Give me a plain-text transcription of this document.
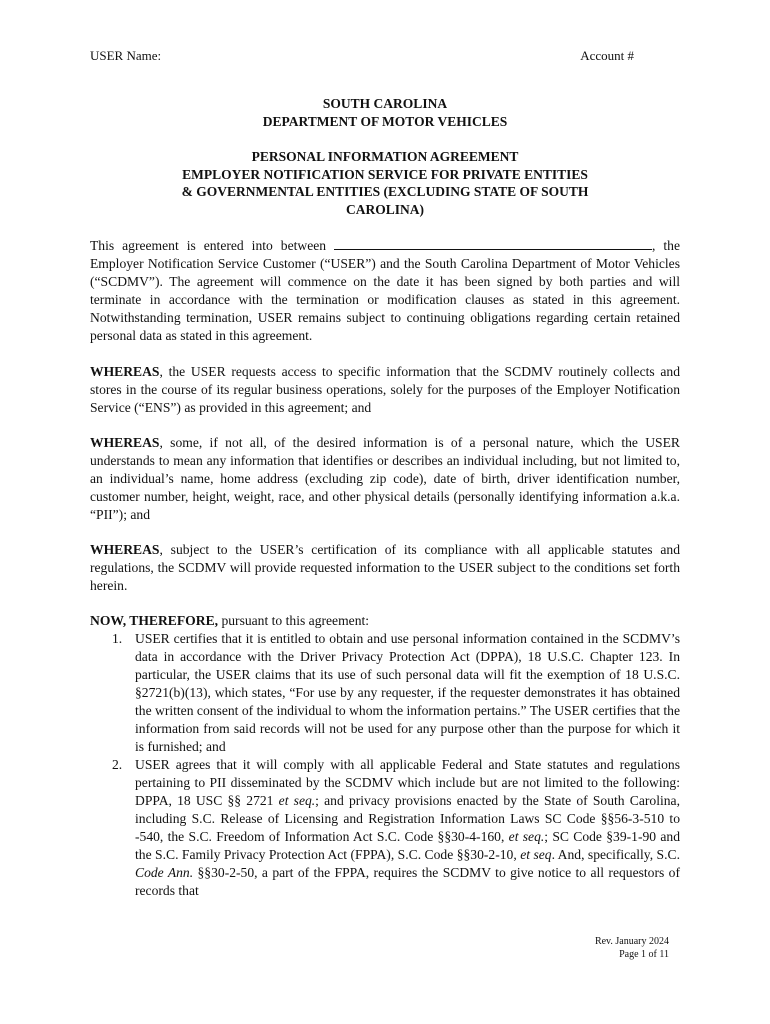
USER Name:	Account #
SOUTH CAROLINA
DEPARTMENT OF MOTOR VEHICLES
PERSONAL INFORMATION AGREEMENT
EMPLOYER NOTIFICATION SERVICE FOR PRIVATE ENTITIES
& GOVERNMENTAL ENTITIES (EXCLUDING STATE OF SOUTH
CAROLINA)
This agreement is entered into between	, the Employer Notification Service Customer (“USER”) and the South Carolina Department of Motor Vehicles (“SCDMV”). The agreement will commence on the date it has been signed by both parties and will terminate in accordance with the termination or modification clauses as stated in this agreement. Notwithstanding termination, USER remains subject to continuing obligations regarding certain retained personal data as stated in this agreement.
WHEREAS, the USER requests access to specific information that the SCDMV routinely collects and stores in the course of its regular business operations, solely for the purposes of the Employer Notification Service (“ENS”) as provided in this agreement; and
WHEREAS, some, if not all, of the desired information is of a personal nature, which the USER understands to mean any information that identifies or describes an individual including, but not limited to, an individual’s name, home address (excluding zip code), date of birth, driver identification number, customer number, height, weight, race, and other physical details (personally identifying information a.k.a. “PII”); and
WHEREAS, subject to the USER’s certification of its compliance with all applicable statutes and regulations, the SCDMV will provide requested information to the USER subject to the conditions set forth herein.
NOW, THEREFORE, pursuant to this agreement:
1. USER certifies that it is entitled to obtain and use personal information contained in the SCDMV’s data in accordance with the Driver Privacy Protection Act (DPPA), 18 U.S.C. Chapter 123. In particular, the USER claims that its use of such personal data will fit the exemption of 18 U.S.C. §2721(b)(13), which states, “For use by any requester, if the requester demonstrates it has obtained the written consent of the individual to whom the information pertains.” The USER certifies that the information from said records will not be used for any purpose other than the purpose for which it is furnished; and
2. USER agrees that it will comply with all applicable Federal and State statutes and regulations pertaining to PII disseminated by the SCDMV which include but are not limited to the following: DPPA, 18 USC §§ 2721 et seq.; and privacy provisions enacted by the State of South Carolina, including S.C. Release of Licensing and Registration Information Laws SC Code §§56-3-510 to -540, the S.C. Freedom of Information Act S.C. Code §§30-4-160, et seq.; SC Code §39-1-90 and the S.C. Family Privacy Protection Act (FPPA), S.C. Code §§30-2-10, et seq. And, specifically, S.C. Code Ann. §§30-2-50, a part of the FPPA, requires the SCDMV to give notice to all requestors of records that
Rev. January 2024
Page 1 of 11
